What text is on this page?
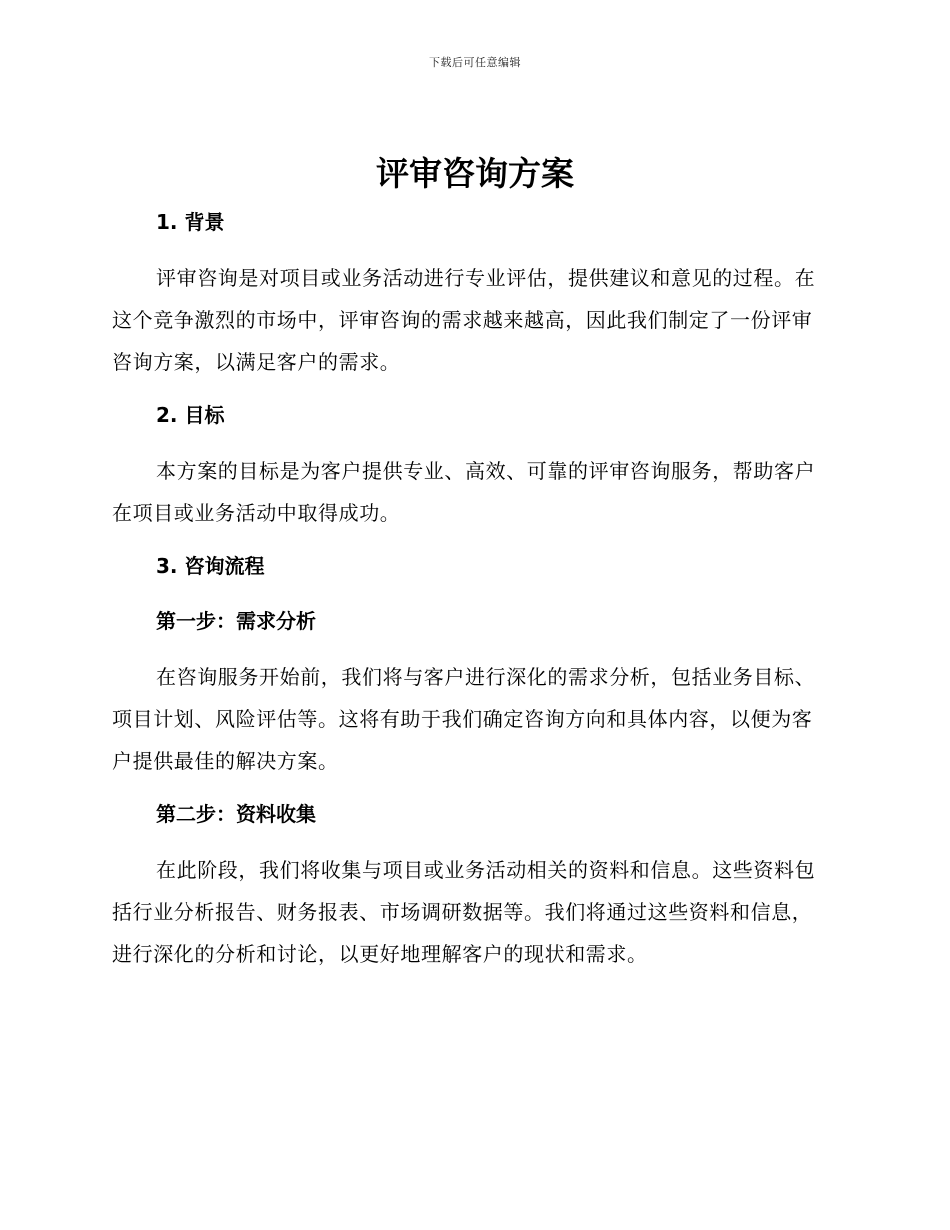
下载后可任意编辑
评审咨询方案
1. 背景

评审咨询是对项目或业务活动进行专业评估，提供建议和意见的过程。在这个竞争激烈的市场中，评审咨询的需求越来越高，因此我们制定了一份评审咨询方案，以满足客户的需求。

2. 目标

本方案的目标是为客户提供专业、高效、可靠的评审咨询服务，帮助客户在项目或业务活动中取得成功。

3. 咨询流程
第一步：需求分析

在咨询服务开始前，我们将与客户进行深化的需求分析，包括业务目标、项目计划、风险评估等。这将有助于我们确定咨询方向和具体内容，以便为客户提供最佳的解决方案。

第二步：资料收集

在此阶段，我们将收集与项目或业务活动相关的资料和信息。这些资料包括行业分析报告、财务报表、市场调研数据等。我们将通过这些资料和信息，进行深化的分析和讨论，以更好地理解客户的现状和需求。
